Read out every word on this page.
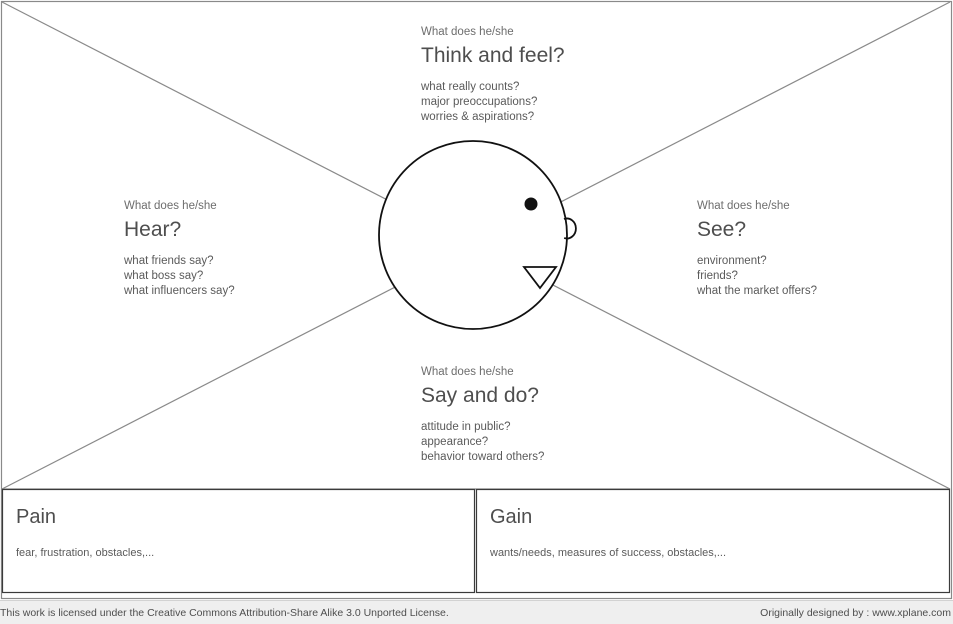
What does he/she
Think and feel?
what really counts?
major preoccupations?
worries & aspirations?
What does he/she
Hear?
what friends say?
what boss say?
what influencers say?
What does he/she
See?
environment?
friends?
what the market offers?
What does he/she
Say and do?
attitude in public?
appearance?
behavior toward others?
Pain
fear, frustration, obstacles,...
Gain
wants/needs, measures of success, obstacles,...
This work is licensed under the Creative Commons Attribution-Share Alike 3.0 Unported License.	Originally designed by : www.xplane.com
